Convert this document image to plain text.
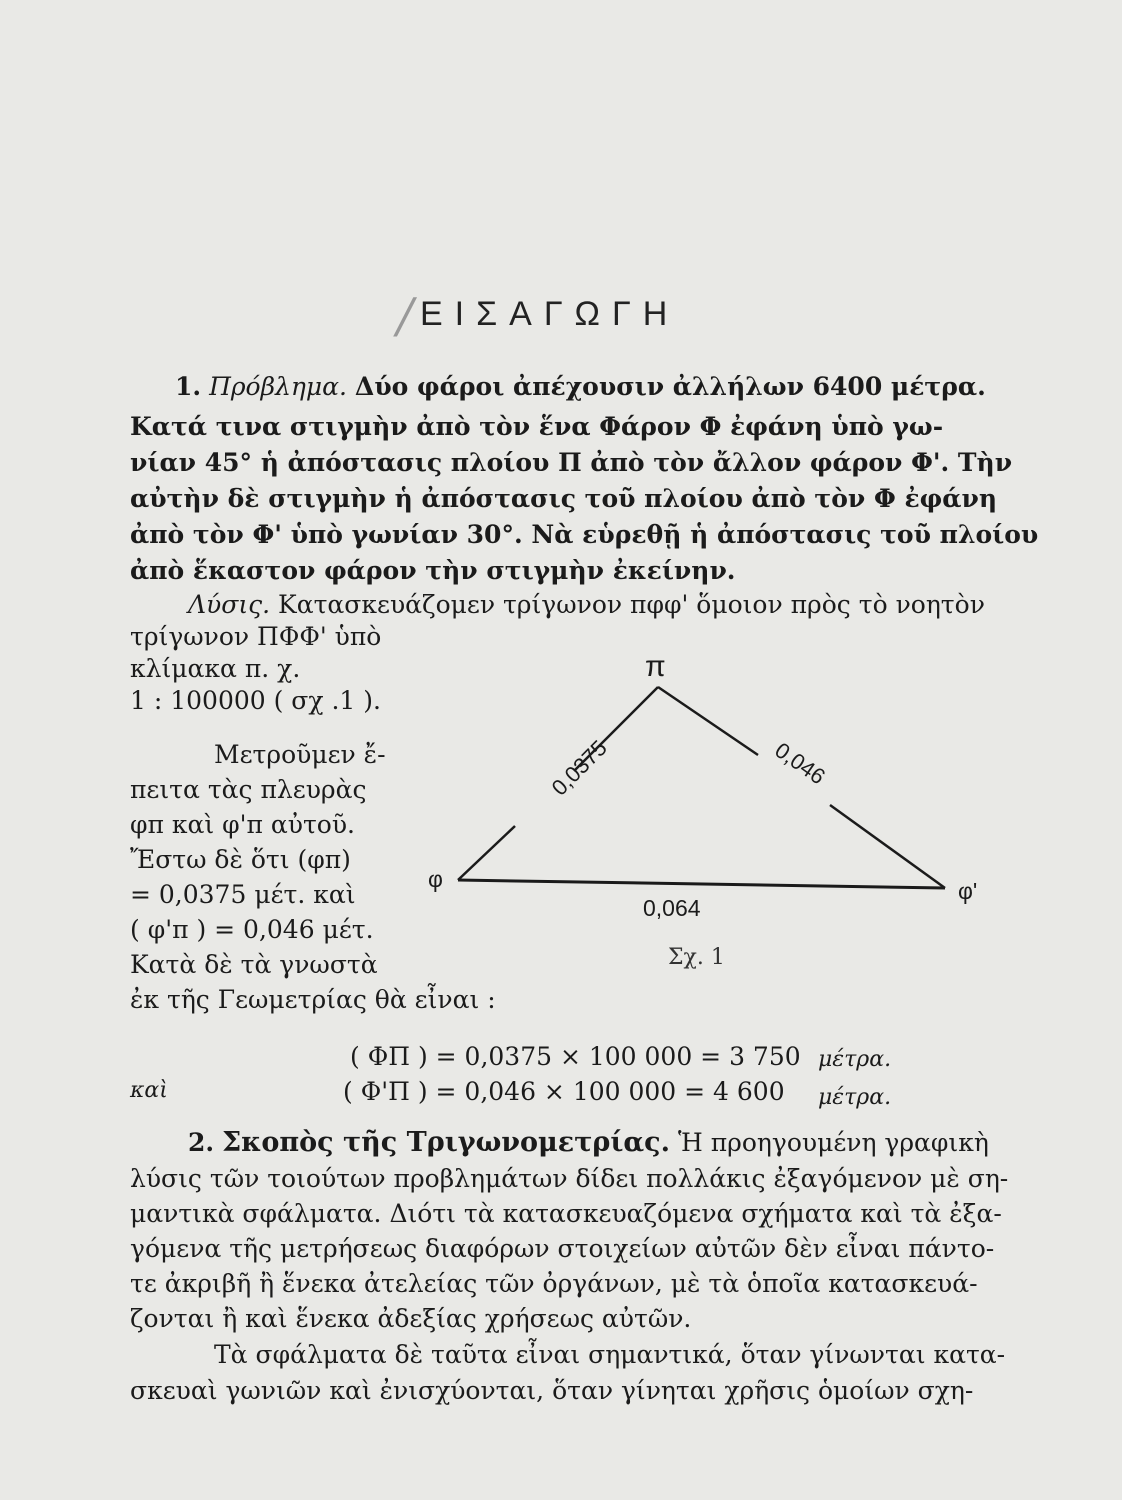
/ ΕΙΣΑΓΩΓΗ
1. Πρόβλημα. Δύο φάροι ἀπέχουσιν ἀλλήλων 6400 μέτρα.
Κατά τινα στιγμὴν ἀπὸ τὸν ἕνα Φάρον Φ ἐφάνη ὑπὸ γω-
νίαν 45° ἡ ἀπόστασις πλοίου Π ἀπὸ τὸν ἄλλον φάρον Φ'. Τὴν
αὐτὴν δὲ στιγμὴν ἡ ἀπόστασις τοῦ πλοίου ἀπὸ τὸν Φ ἐφάνη
ἀπὸ τὸν Φ' ὑπὸ γωνίαν 30°. Νὰ εὑρεθῇ ἡ ἀπόστασις τοῦ πλοίου
ἀπὸ ἕκαστον φάρον τὴν στιγμὴν ἐκείνην.
Λύσις. Κατασκευάζομεν τρίγωνον πφφ' ὅμοιον πρὸς τὸ νοητὸν
τρίγωνον ΠΦΦ' ὑπὸ
κλίμακα π. χ.
1 : 100000 ( σχ .1 ).
Μετροῦμεν ἔ-
πειτα τὰς πλευρὰς
φπ καὶ φ'π αὐτοῦ.
Ἔστω δὲ ὅτι (φπ)
= 0,0375 μέτ. καὶ
( φ'π ) = 0,046 μέτ.
Κατὰ δὲ τὰ γνωστὰ
ἐκ τῆς Γεωμετρίας θὰ εἶναι :
0,0375	0,046
π
φ	φ'
0,064
Σχ. 1
( ΦΠ ) = 0,0375 × 100 000 = 3 750 μέτρα.
καὶ	( Φ'Π ) = 0,046 × 100 000 = 4 600 μέτρα.
2. Σκοπὸς τῆς Τριγωνομετρίας. Ἡ προηγουμένη γραφικὴ
λύσις τῶν τοιούτων προβλημάτων δίδει πολλάκις ἐξαγόμενον μὲ ση-
μαντικὰ σφάλματα. Διότι τὰ κατασκευαζόμενα σχήματα καὶ τὰ ἐξα-
γόμενα τῆς μετρήσεως διαφόρων στοιχείων αὐτῶν δὲν εἶναι πάντο-
τε ἀκριβῆ ἢ ἕνεκα ἀτελείας τῶν ὀργάνων, μὲ τὰ ὁποῖα κατασκευά-
ζονται ἢ καὶ ἕνεκα ἀδεξίας χρήσεως αὐτῶν.
Τὰ σφάλματα δὲ ταῦτα εἶναι σημαντικά, ὅταν γίνωνται κατα-
σκευαὶ γωνιῶν καὶ ἐνισχύονται, ὅταν γίνηται χρῆσις ὁμοίων σχη-
